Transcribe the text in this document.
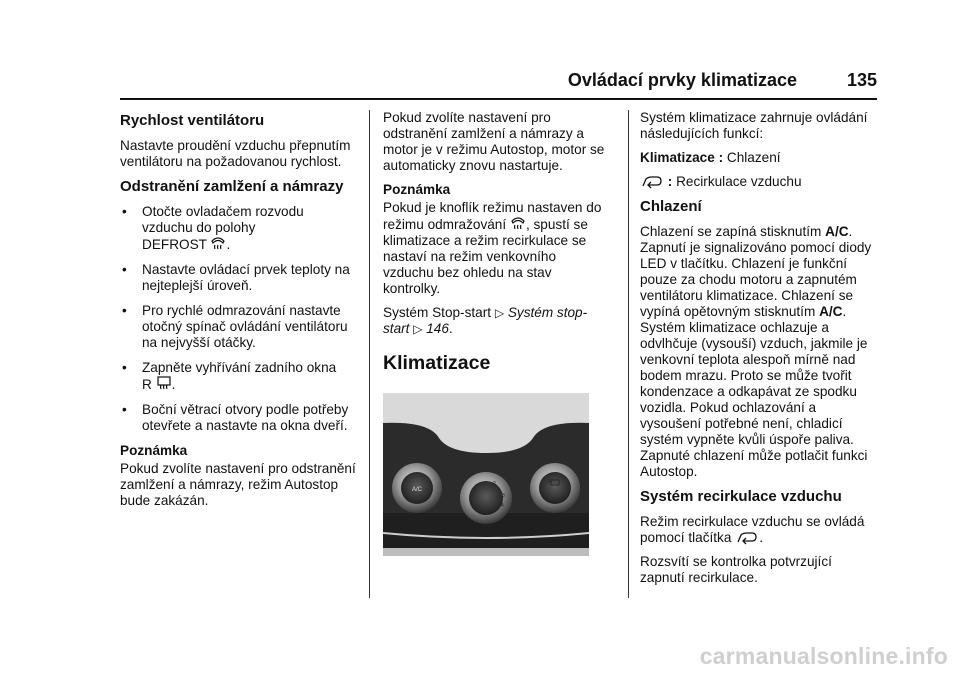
Ovládací prvky klimatizace	135
Rychlost ventilátoru

Nastavte proudění vzduchu přepnutím ventilátoru na požadovanou rychlost.

Odstranění zamlžení a námrazy
• Otočte ovladačem rozvodu vzduchu do polohy
DEFROST .
• Nastavte ovládací prvek teploty na nejteplejší úroveň.
• Pro rychlé odmrazování nastavte otočný spínač ovládání ventilátoru na nejvyšší otáčky.
• Zapněte vyhřívání zadního okna
R .
• Boční větrací otvory podle potřeby otevřete a nastavte na okna dveří.

Poznámka

Pokud zvolíte nastavení pro odstranění zamlžení a námrazy, režim Autostop bude zakázán.

Pokud zvolíte nastavení pro odstranění zamlžení a námrazy a motor je v režimu Autostop, motor se automaticky znovu nastartuje.

Poznámka

Pokud je knoflík režimu nastaven do režimu odmražování , spustí se klimatizace a režim recirkulace se nastaví na režim venkovního vzduchu bez ohledu na stav kontrolky.

Systém Stop-start ▷ Systém stop-start ▷ 146.

Klimatizace
A/C	1
2
3
4
R

Systém klimatizace zahrnuje ovládání následujících funkcí:

Klimatizace : Chlazení

: Recirkulace vzduchu

Chlazení

Chlazení se zapíná stisknutím A/C. Zapnutí je signalizováno pomocí diody LED v tlačítku. Chlazení je funkční pouze za chodu motoru a zapnutém ventilátoru klimatizace. Chlazení se vypíná opětovným stisknutím A/C. Systém klimatizace ochlazuje a odvlhčuje (vysouší) vzduch, jakmile je venkovní teplota alespoň mírně nad bodem mrazu. Proto se může tvořit kondenzace a odkapávat ze spodku vozidla. Pokud ochlazování a vysoušení potřebné není, chladicí systém vypněte kvůli úspoře paliva. Zapnuté chlazení může potlačit funkci Autostop.

Systém recirkulace vzduchu

Režim recirkulace vzduchu se ovládá pomocí tlačítka .

Rozsvítí se kontrolka potvrzující zapnutí recirkulace.

carmanualsonline.info
